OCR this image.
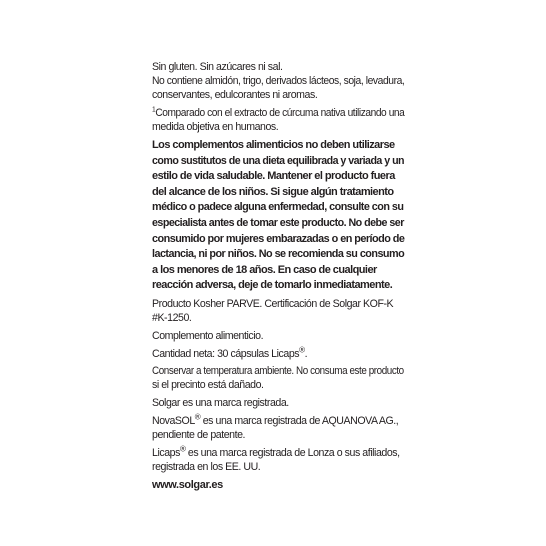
Sin gluten. Sin azúcares ni sal.
No contiene almidón, trigo, derivados lácteos, soja, levadura,
conservantes, edulcorantes ni aromas.

$^1$Comparado con el extracto de cúrcuma nativa utilizando una
medida objetiva en humanos.

Los complementos alimenticios no deben utilizarse
como sustitutos de una dieta equilibrada y variada y un
estilo de vida saludable. Mantener el producto fuera
del alcance de los niños. Si sigue algún tratamiento
médico o padece alguna enfermedad, consulte con su
especialista antes de tomar este producto. No debe ser
consumido por mujeres embarazadas o en período de
lactancia, ni por niños. No se recomienda su consumo
a los menores de 18 años. En caso de cualquier
reacción adversa, deje de tomarlo inmediatamente.

Producto Kosher PARVE. Certificación de Solgar KOF-K
#K-1250.

Complemento alimenticio.

Cantidad neta: 30 cápsulas Licaps®.

Conservar a temperatura ambiente. No consuma este producto
si el precinto está dañado.

Solgar es una marca registrada.

NovaSOL® es una marca registrada de AQUANOVA AG.,
pendiente de patente.

Licaps® es una marca registrada de Lonza o sus afiliados,
registrada en los EE. UU.

www.solgar.es
